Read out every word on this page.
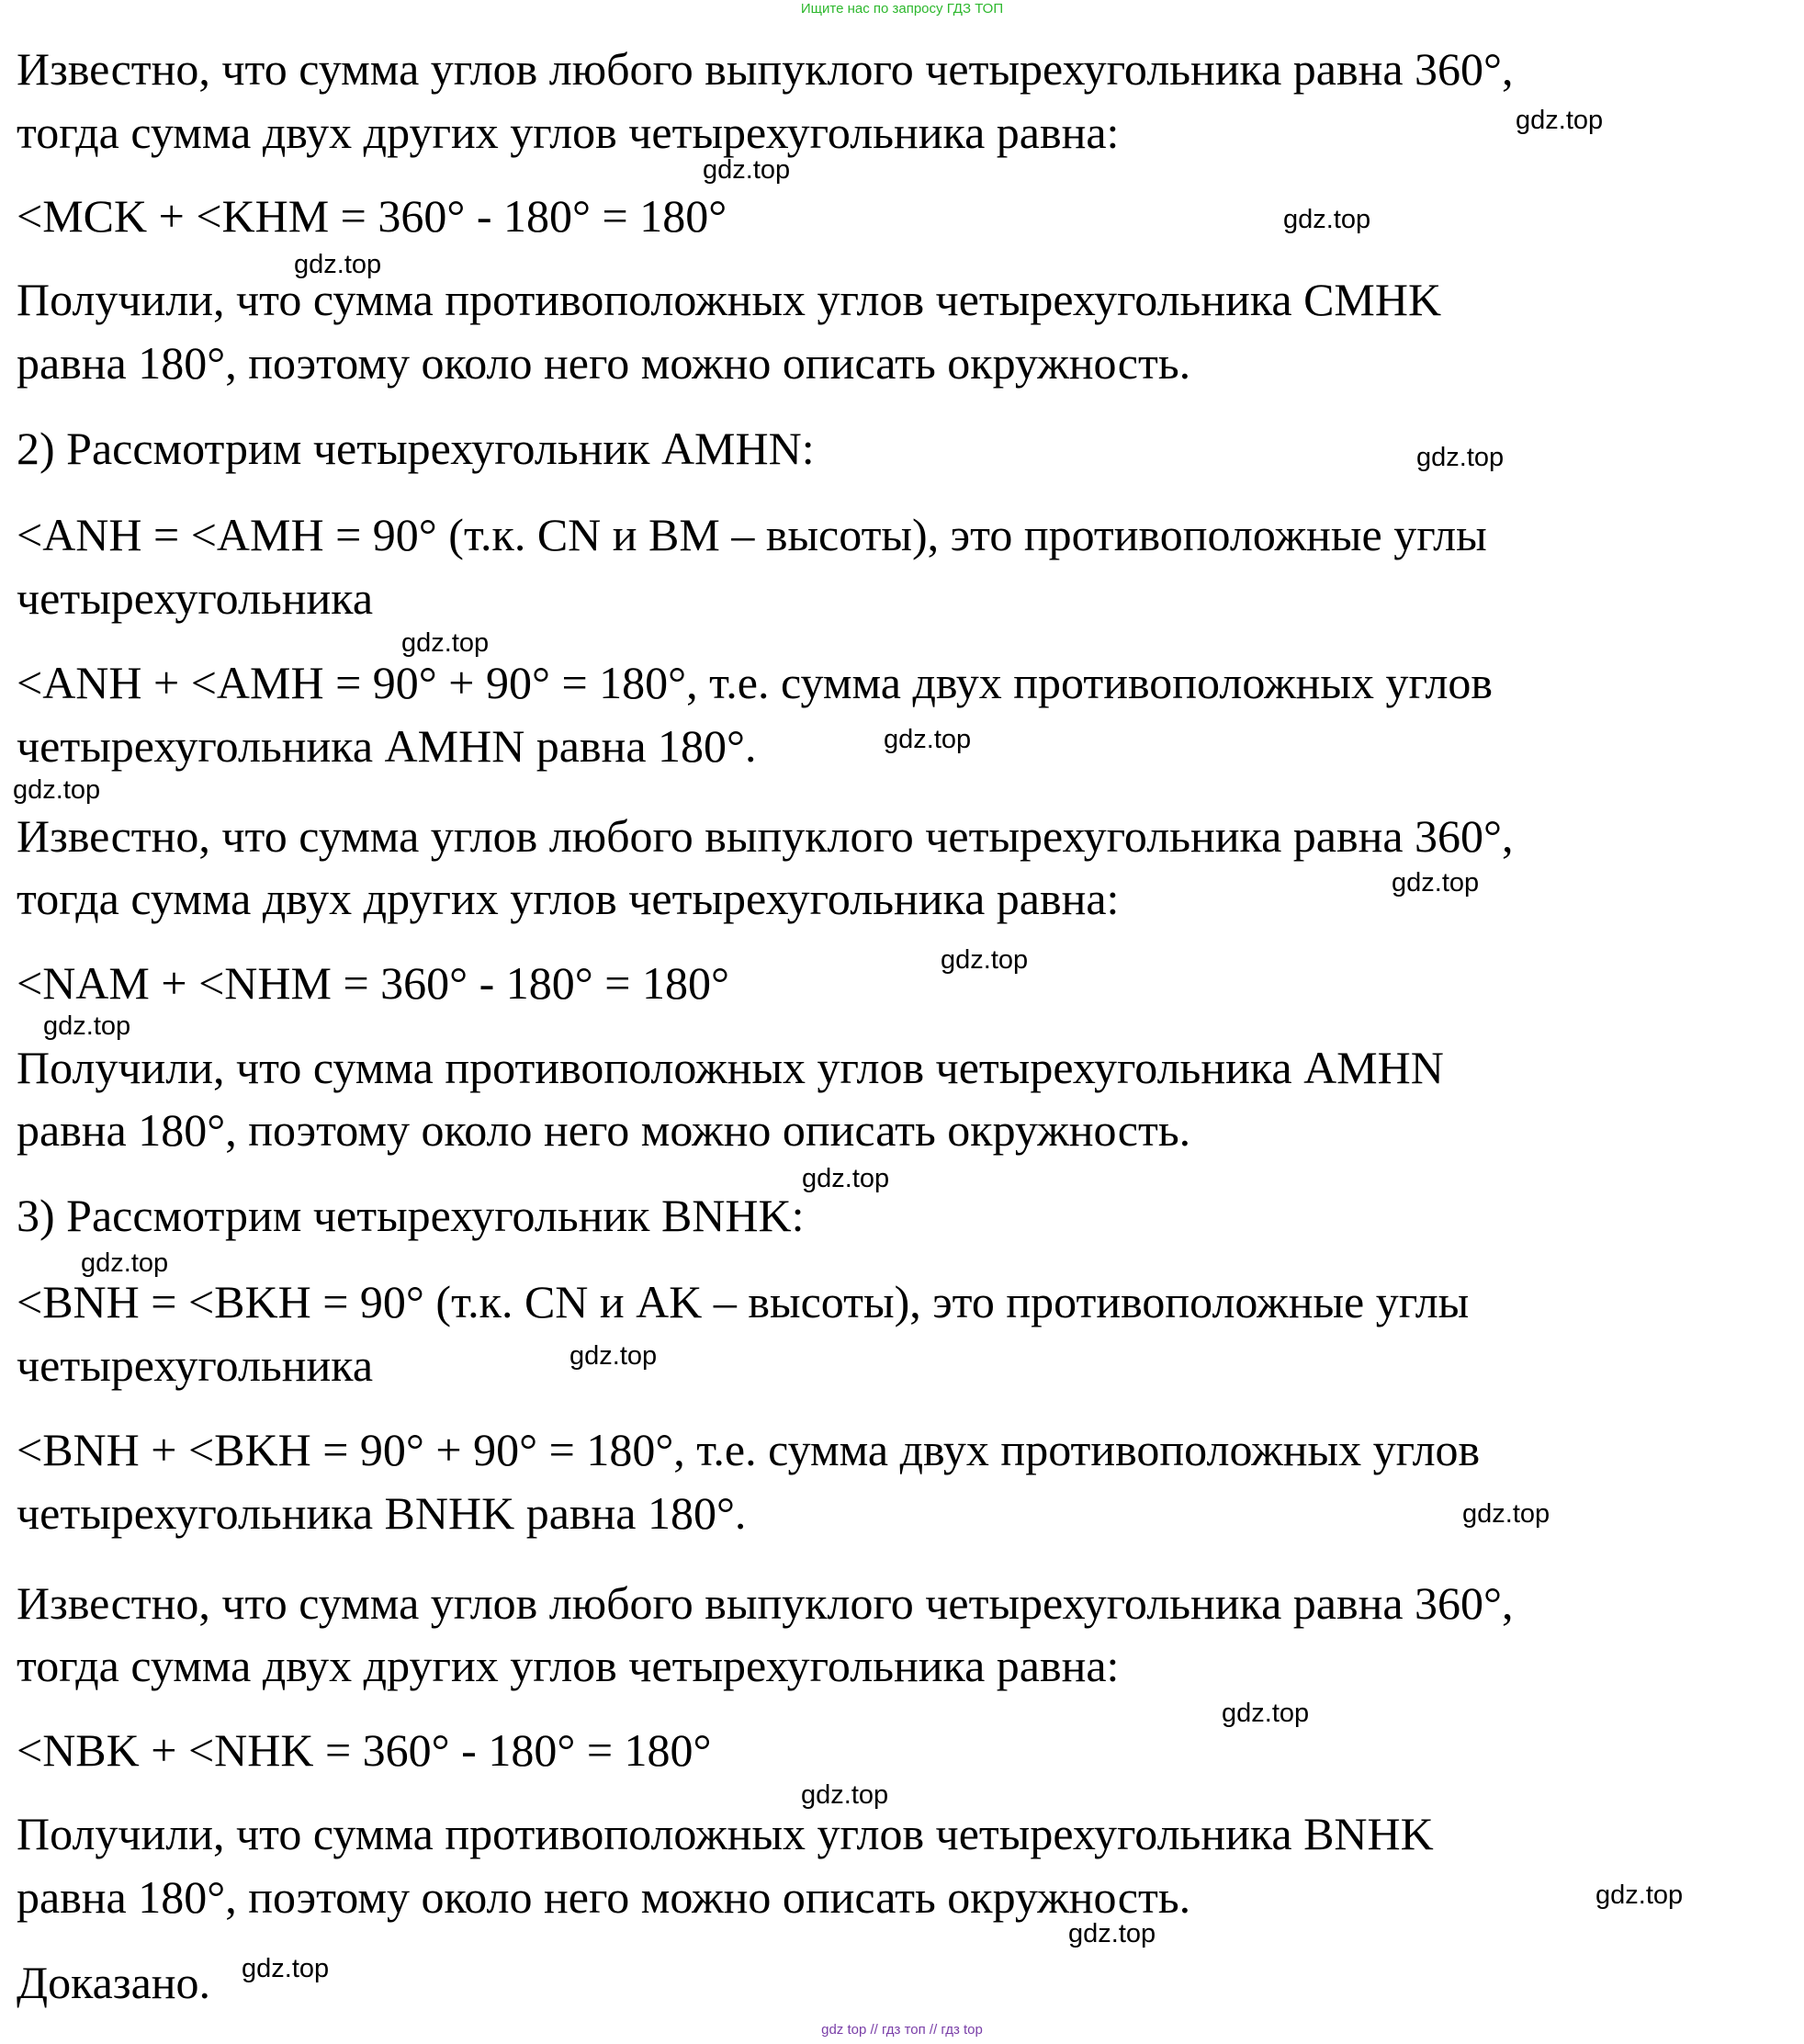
Ищите нас по запросу ГДЗ ТОП
Известно, что сумма углов любого выпуклого четырехугольника равна 360°,
тогда сумма двух других углов четырехугольника равна:
<MCK + <KHM = 360° - 180° = 180°
Получили, что сумма противоположных углов четырехугольника CMHK
равна 180°, поэтому около него можно описать окружность.
2) Рассмотрим четырехугольник AMHN:
<ANH = <AMH = 90° (т.к. CN и BM – высоты), это противоположные углы
четырехугольника
<ANH + <AMH = 90° + 90° = 180°, т.е. сумма двух противоположных углов
четырехугольника AMHN равна 180°.
Известно, что сумма углов любого выпуклого четырехугольника равна 360°,
тогда сумма двух других углов четырехугольника равна:
<NAM + <NHM = 360° - 180° = 180°
Получили, что сумма противоположных углов четырехугольника AMHN
равна 180°, поэтому около него можно описать окружность.
3) Рассмотрим четырехугольник BNHK:
<BNH = <BKH = 90° (т.к. CN и AK – высоты), это противоположные углы
четырехугольника
<BNH + <BKH = 90° + 90° = 180°, т.е. сумма двух противоположных углов
четырехугольника BNHK равна 180°.
Известно, что сумма углов любого выпуклого четырехугольника равна 360°,
тогда сумма двух других углов четырехугольника равна:
<NBK + <NHK = 360° - 180° = 180°
Получили, что сумма противоположных углов четырехугольника BNHK
равна 180°, поэтому около него можно описать окружность.
Доказано.
gdz.top
gdz.top
gdz.top
gdz.top
gdz.top
gdz.top
gdz.top
gdz.top
gdz.top
gdz.top
gdz.top
gdz.top
gdz.top
gdz.top
gdz.top
gdz.top
gdz.top
gdz.top
gdz.top
gdz.top
gdz top // гдз топ // гдз top
